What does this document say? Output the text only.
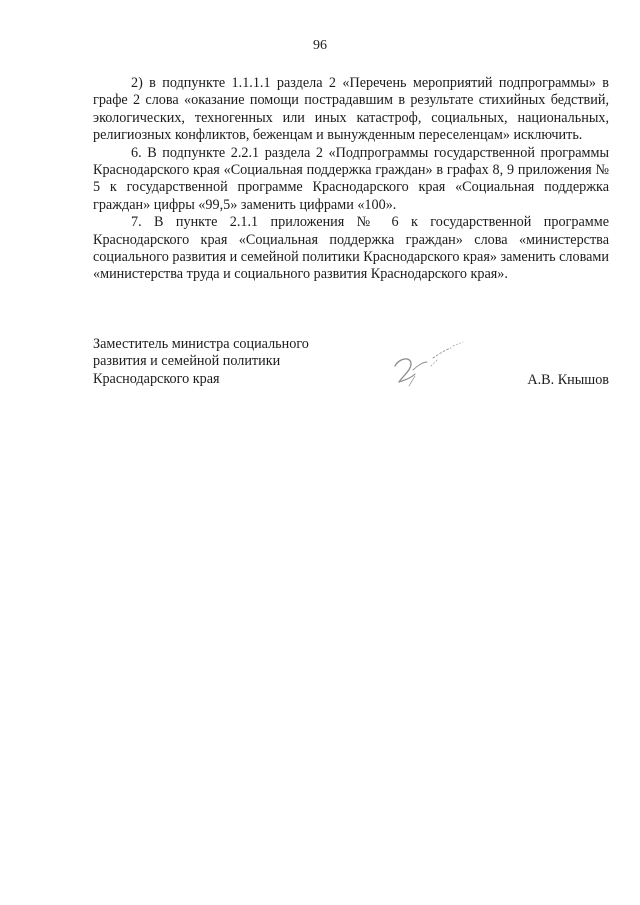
96

2) в подпункте 1.1.1.1 раздела 2 «Перечень мероприятий подпрограммы» в графе 2 слова «оказание помощи пострадавшим в результате стихийных бедствий, экологических, техногенных или иных катастроф, социальных, национальных, религиозных конфликтов, беженцам и вынужденным переселенцам» исключить.

6. В подпункте 2.2.1 раздела 2 «Подпрограммы государственной программы Краснодарского края «Социальная поддержка граждан» в графах 8, 9 приложения № 5 к государственной программе Краснодарского края «Социальная поддержка граждан» цифры «99,5» заменить цифрами «100».

7. В пункте 2.1.1 приложения № 6 к государственной программе Краснодарского края «Социальная поддержка граждан» слова «министерства социального развития и семейной политики Краснодарского края» заменить словами «министерства труда и социального развития Краснодарского края».

Заместитель министра социального
развития и семейной политики
Краснодарского края	А.В. Кнышов
